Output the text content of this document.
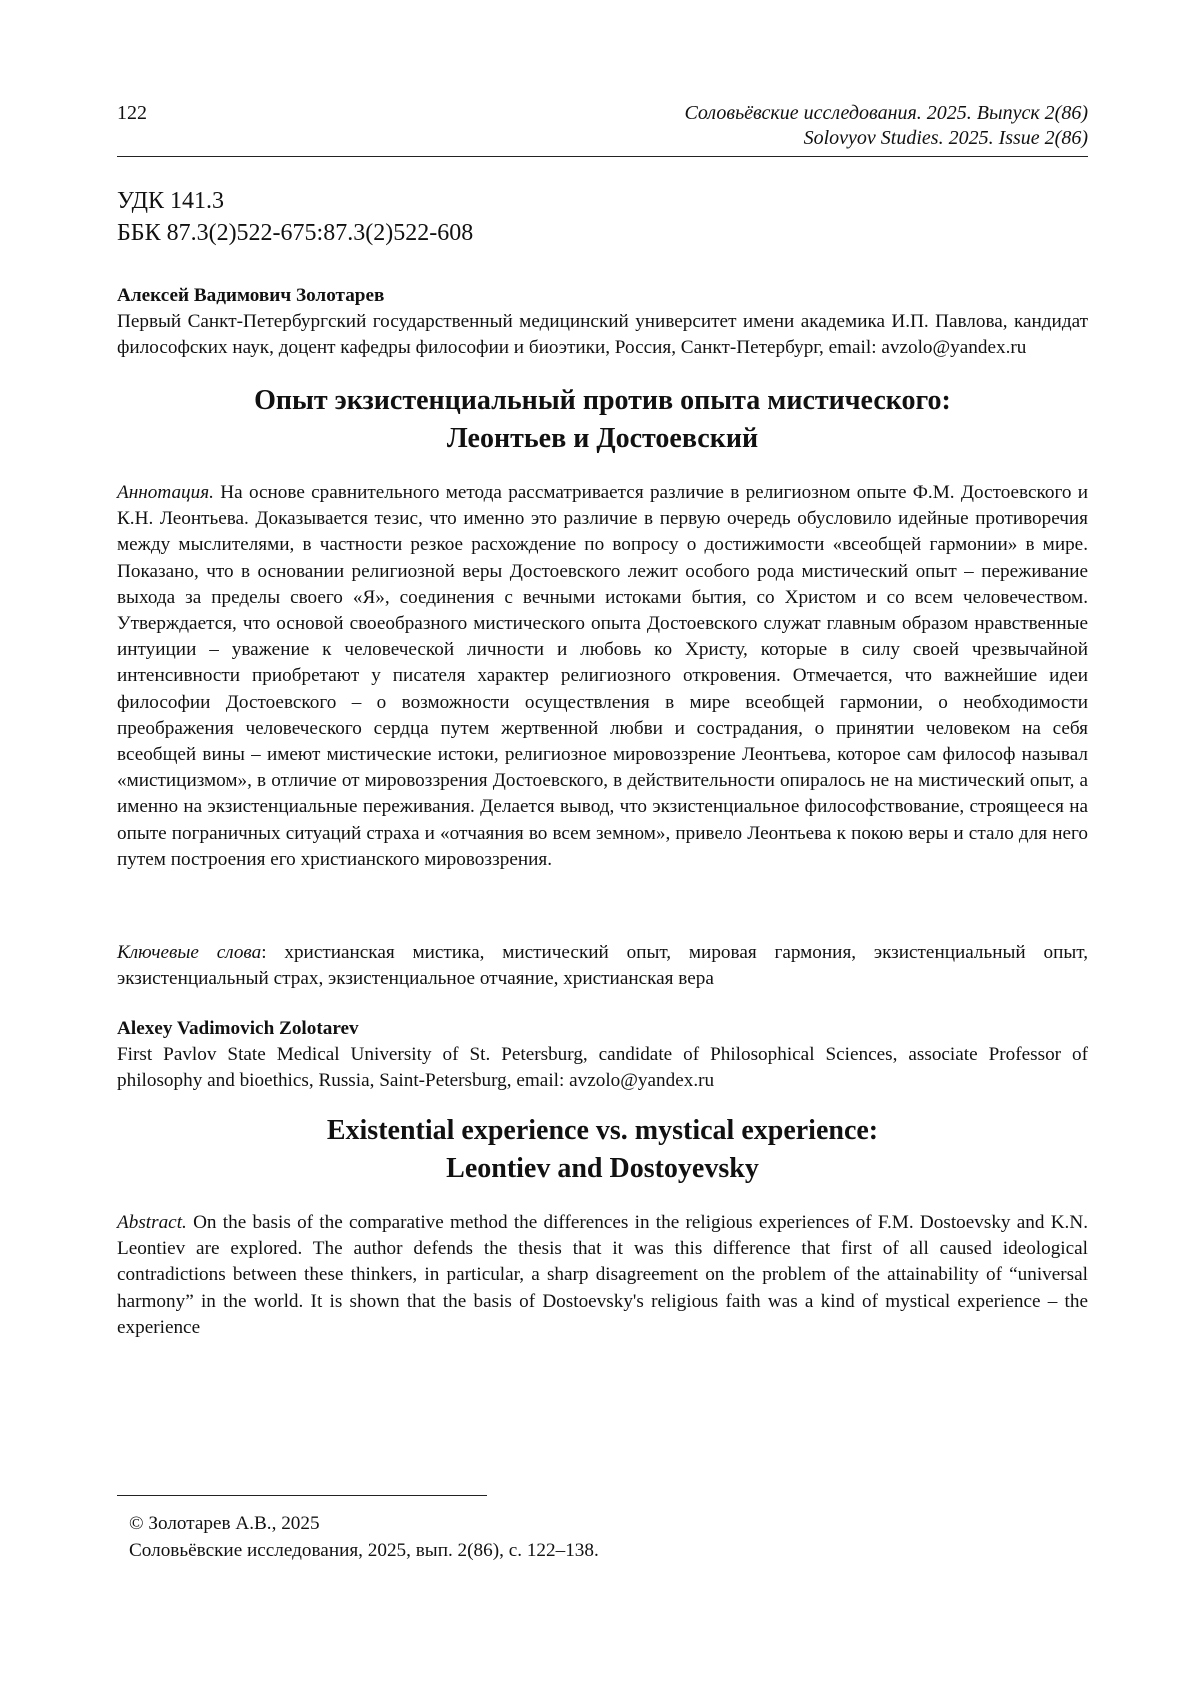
122	Соловьёвские исследования. 2025. Выпуск 2(86)
Solovyov Studies. 2025. Issue 2(86)
УДК 141.3
ББК 87.3(2)522-675:87.3(2)522-608
Алексей Вадимович Золотарев
Первый Санкт-Петербургский государственный медицинский университет имени академика И.П. Павлова, кандидат философских наук, доцент кафедры философии и биоэтики, Россия, Санкт-Петербург, email: avzolo@yandex.ru
Опыт экзистенциальный против опыта мистического:
Леонтьев и Достоевский
Аннотация. На основе сравнительного метода рассматривается различие в религиозном опыте Ф.М. Достоевского и К.Н. Леонтьева. Доказывается тезис, что именно это различие в первую очередь обусловило идейные противоречия между мыслителями, в частности резкое расхождение по вопросу о достижимости «всеобщей гармонии» в мире. Показано, что в основании религиозной веры Достоевского лежит особого рода мистический опыт – переживание выхода за пределы своего «Я», соединения с вечными истоками бытия, со Христом и со всем человечеством. Утверждается, что основой своеобразного мистического опыта Достоевского служат главным образом нравственные интуиции – уважение к человеческой личности и любовь ко Христу, которые в силу своей чрезвычайной интенсивности приобретают у писателя характер религиозного откровения. Отмечается, что важнейшие идеи философии Достоевского – о возможности осуществления в мире всеобщей гармонии, о необходимости преображения человеческого сердца путем жертвенной любви и сострадания, о принятии человеком на себя всеобщей вины – имеют мистические истоки, религиозное мировоззрение Леонтьева, которое сам философ называл «мистицизмом», в отличие от мировоззрения Достоевского, в действительности опиралось не на мистический опыт, а именно на экзистенциальные переживания. Делается вывод, что экзистенциальное философствование, строящееся на опыте пограничных ситуаций страха и «отчаяния во всем земном», привело Леонтьева к покою веры и стало для него путем построения его христианского мировоззрения.
Ключевые слова: христианская мистика, мистический опыт, мировая гармония, экзистенциальный опыт, экзистенциальный страх, экзистенциальное отчаяние, христианская вера
Alexey Vadimovich Zolotarev
First Pavlov State Medical University of St. Petersburg, candidate of Philosophical Sciences, associate Professor of philosophy and bioethics, Russia, Saint-Petersburg, email: avzolo@yandex.ru
Existential experience vs. mystical experience:
Leontiev and Dostoyevsky
Abstract. On the basis of the comparative method the differences in the religious experiences of F.M. Dostoevsky and K.N. Leontiev are explored. The author defends the thesis that it was this difference that first of all caused ideological contradictions between these thinkers, in particular, a sharp disagreement on the problem of the attainability of “universal harmony” in the world. It is shown that the basis of Dostoevsky's religious faith was a kind of mystical experience – the experience
© Золотарев А.В., 2025
Соловьёвские исследования, 2025, вып. 2(86), с. 122–138.
